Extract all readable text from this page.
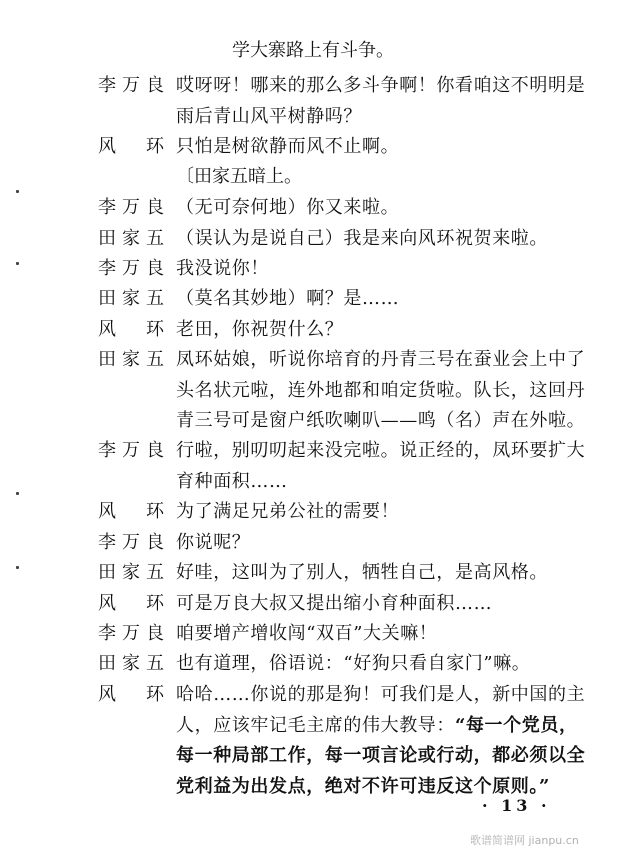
学大寨路上有斗争。
李万良 哎呀呀！哪来的那么多斗争啊！你看咱这不明明是
雨后青山风平树静吗？
风 环 只怕是树欲静而风不止啊。
〔田家五暗上。
李万良 （无可奈何地）你又来啦。
田家五 （误认为是说自己）我是来向风环祝贺来啦。
李万良 我没说你！
田家五 （莫名其妙地）啊？是……
风 环 老田，你祝贺什么？
田家五 凤环姑娘，听说你培育的丹青三号在蚕业会上中了
头名状元啦，连外地都和咱定货啦。队长，这回丹
青三号可是窗户纸吹喇叭——鸣（名）声在外啦。
李万良 行啦，别叨叨起来没完啦。说正经的，凤环要扩大
育种面积……
风 环 为了满足兄弟公社的需要！
李万良 你说呢？
田家五 好哇，这叫为了别人，牺牲自己，是高风格。
风 环 可是万良大叔又提出缩小育种面积……
李万良 咱要增产增收闯“双百”大关嘛！
田家五 也有道理，俗语说：“好狗只看自家门”嘛。
风 环 哈哈……你说的那是狗！可我们是人，新中国的主
人，应该牢记毛主席的伟大教导：“每一个党员，
每一种局部工作，每一项言论或行动，都必须以全
党利益为出发点，绝对不许可违反这个原则。”
· 13 ·
歌谱简谱网 jianpu.cn
